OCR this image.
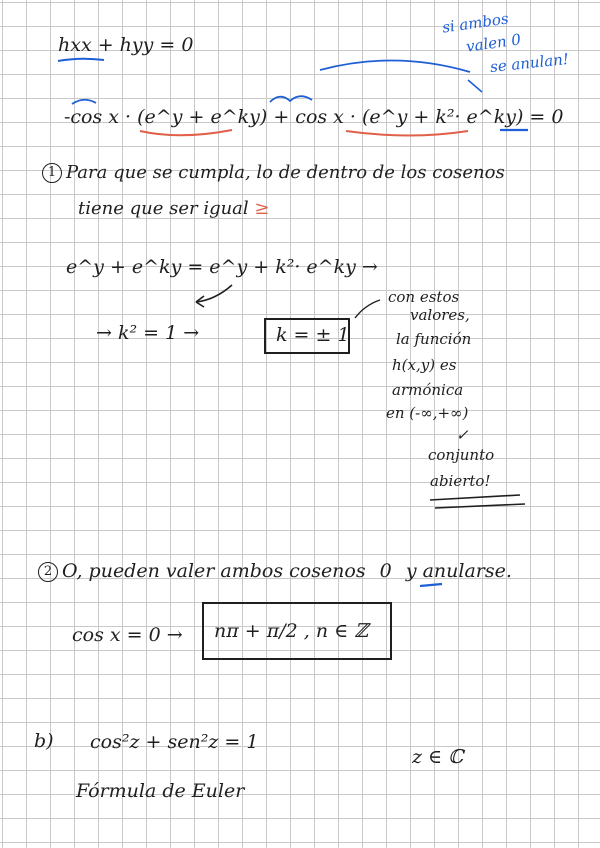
hxx + hyy = 0
si ambos
valen 0
se anulan!
-cos x · (e^y + e^ky) + cos x · (e^y + k²· e^ky) = 0
1 Para que se cumpla, lo de dentro de los cosenos
tiene que ser igual ≥
e^y + e^ky = e^y + k²· e^ky →
→ k² = 1 →	k = ± 1
con estos
valores,
la función
h(x,y) es
armónica
en (-∞,+∞)
✓
conjunto
abierto!
2 O, pueden valer ambos cosenos 0 y anularse.
cos x = 0 → nπ + π/2 , n ∈ ℤ
b) cos²z + sen²z = 1
z ∈ ℂ
Fórmula de Euler
